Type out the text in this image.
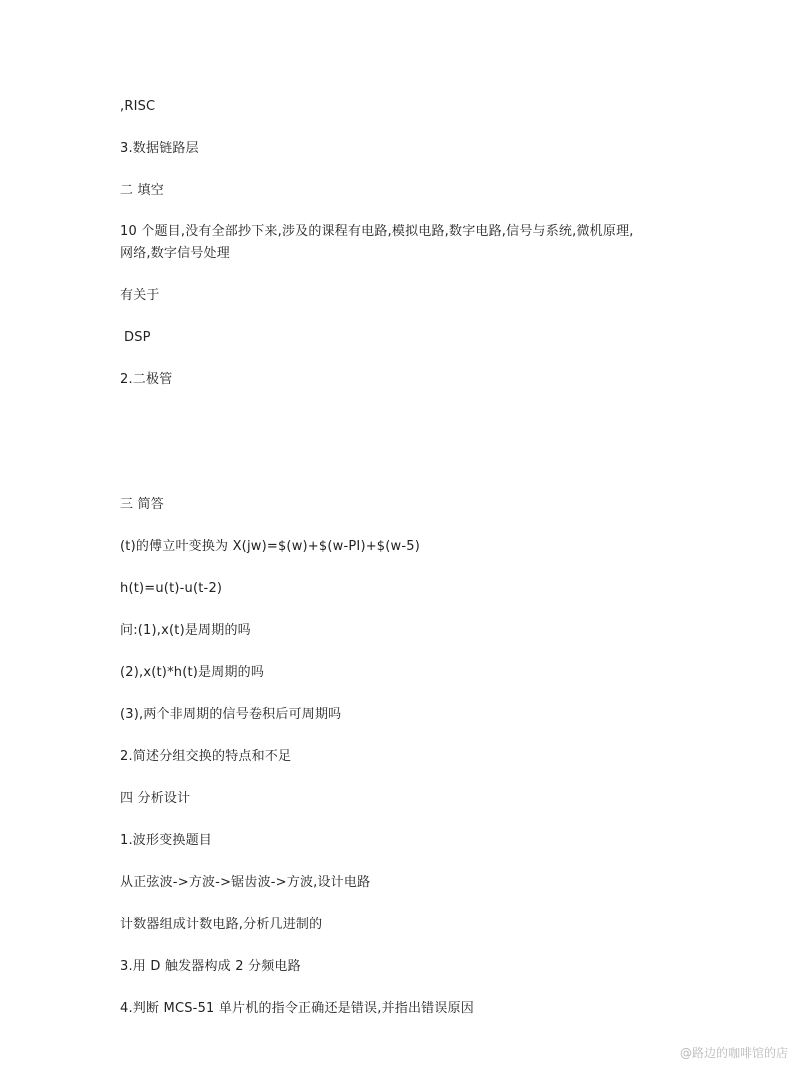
,RISC
3.数据链路层
二 填空
10 个题目,没有全部抄下来,涉及的课程有电路,模拟电路,数字电路,信号与系统,微机原理,
网络,数字信号处理
有关于
DSP
2.二极管
三 简答
(t)的傅立叶变换为 X(jw)=$(w)+$(w-PI)+$(w-5)
h(t)=u(t)-u(t-2)
问:(1),x(t)是周期的吗
(2),x(t)*h(t)是周期的吗
(3),两个非周期的信号卷积后可周期吗
2.简述分组交换的特点和不足
四 分析设计
1.波形变换题目
从正弦波->方波->锯齿波->方波,设计电路
计数器组成计数电路,分析几进制的
3.用 D 触发器构成 2 分频电路
4.判断 MCS-51 单片机的指令正确还是错误,并指出错误原因
@路边的咖啡馆的店
